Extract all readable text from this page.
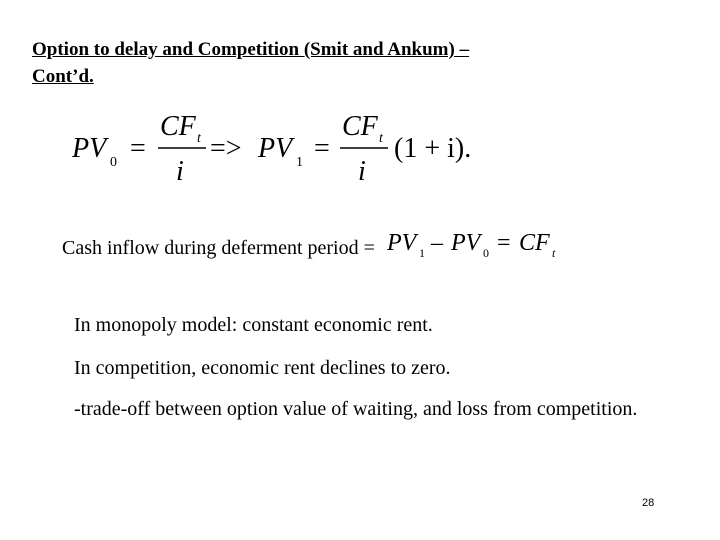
Option to delay and Competition (Smit and Ankum) –
Cont’d.
PV 0 =
CF t
i
=> PV 1 =
CF t
i
(1 + i).
Cash inflow during deferment period = PV 1 – PV 0 = CF t
In monopoly model: constant economic rent.
In competition, economic rent declines to zero.
-trade-off between option value of waiting, and loss from competition.
28
